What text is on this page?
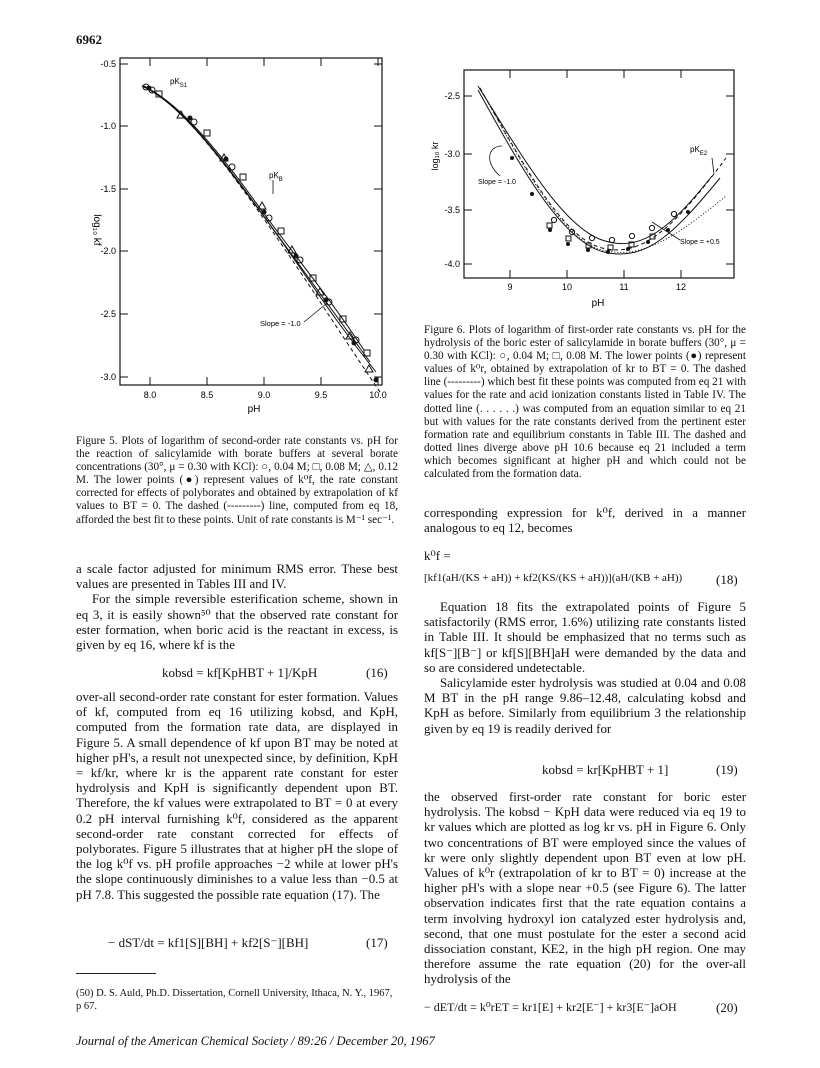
6962
-0.5
-1.0
-1.5
-2.0
-2.5
-3.0
8.0	8.5	9.0	9.5	10.0
pH
log₁₀ kf
$pK_{S1}$
$pK_B$
Slope = -1.0
Figure 5. Plots of logarithm of second-order rate constants vs. pH for the reaction of salicylamide with borate buffers at several borate concentrations (30°, μ = 0.30 with KCl): ○, 0.04 M; □, 0.08 M; △, 0.12 M. The lower points (●) represent values of k⁰f, the rate constant corrected for effects of polyborates and obtained by extrapolation of kf values to BT = 0. The dashed (---------) line, computed from eq 18, afforded the best fit to these points. Unit of rate constants is M⁻¹ sec⁻¹.
-2.5
-3.0
-3.5
-4.0
9	10	11	12
pH
log₁₀ kr
Slope = -1.0
Slope = +0.5
$pK_{E2}$
Figure 6. Plots of logarithm of first-order rate constants vs. pH for the hydrolysis of the boric ester of salicylamide in borate buffers (30°, μ = 0.30 with KCl): ○, 0.04 M; □, 0.08 M. The lower points (●) represent values of k⁰r, obtained by extrapolation of kr to BT = 0. The dashed line (---------) which best fit these points was computed from eq 21 with values for the rate and acid ionization constants listed in Table IV. The dotted line (. . . . . .) was computed from an equation similar to eq 21 but with values for the rate constants derived from the pertinent ester formation rate and equilibrium constants in Table III. The dashed and dotted lines diverge above pH 10.6 because eq 21 included a term which becomes significant at higher pH and which could not be calculated from the formation data.

a scale factor adjusted for minimum RMS error. These best values are presented in Tables III and IV.

For the simple reversible esterification scheme, shown in eq 3, it is easily shown⁵⁰ that the observed rate constant for ester formation, when boric acid is the reactant in excess, is given by eq 16, where kf is the

kobsd = kf[KpHBT + 1]/KpH	(16)

over-all second-order rate constant for ester formation. Values of kf, computed from eq 16 utilizing kobsd, and KpH, computed from the formation rate data, are displayed in Figure 5. A small dependence of kf upon BT may be noted at higher pH's, a result not unexpected since, by definition, KpH = kf/kr, where kr is the apparent rate constant for ester hydrolysis and KpH is significantly dependent upon BT. Therefore, the kf values were extrapolated to BT = 0 at every 0.2 pH interval furnishing k⁰f, considered as the apparent second-order rate constant corrected for effects of polyborates. Figure 5 illustrates that at higher pH the slope of the log k⁰f vs. pH profile approaches −2 while at lower pH's the slope continuously diminishes to a value less than −0.5 at pH 7.8. This suggested the possible rate equation (17). The

− dST/dt = kf1[S][BH] + kf2[S⁻][BH]	(17)
(50) D. S. Auld, Ph.D. Dissertation, Cornell University, Ithaca, N. Y., 1967, p 67.

corresponding expression for k⁰f, derived in a manner analogous to eq 12, becomes

k⁰f =
[kf1(aH/(KS + aH)) + kf2(KS/(KS + aH))](aH/(KB + aH))	(18)

Equation 18 fits the extrapolated points of Figure 5 satisfactorily (RMS error, 1.6%) utilizing rate constants listed in Table III. It should be emphasized that no terms such as kf[S⁻][B⁻] or kf[S][BH]aH were demanded by the data and so are considered undetectable.

Salicylamide ester hydrolysis was studied at 0.04 and 0.08 M BT in the pH range 9.86–12.48, calculating kobsd and KpH as before. Similarly from equilibrium 3 the relationship given by eq 19 is readily derived for

kobsd = kr[KpHBT + 1]	(19)

the observed first-order rate constant for boric ester hydrolysis. The kobsd − KpH data were reduced via eq 19 to kr values which are plotted as log kr vs. pH in Figure 6. Only two concentrations of BT were employed since the values of kr were only slightly dependent upon BT even at low pH. Values of k⁰r (extrapolation of kr to BT = 0) increase at the higher pH's with a slope near +0.5 (see Figure 6). The latter observation indicates first that the rate equation contains a term involving hydroxyl ion catalyzed ester hydrolysis and, second, that one must postulate for the ester a second acid dissociation constant, KE2, in the high pH region. One may therefore assume the rate equation (20) for the over-all hydrolysis of the

− dET/dt = k⁰rET = kr1[E] + kr2[E⁻] + kr3[E⁻]aOH	(20)
Journal of the American Chemical Society / 89:26 / December 20, 1967
